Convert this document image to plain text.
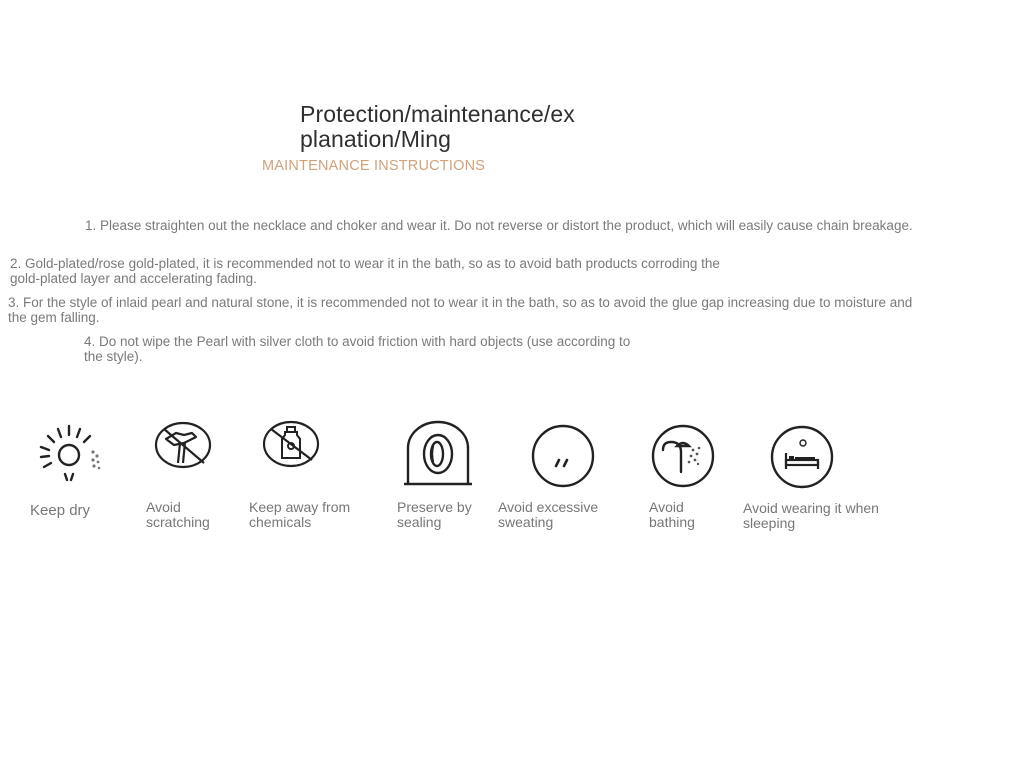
Protection/maintenance/ex planation/Ming
MAINTENANCE INSTRUCTIONS
1. Please straighten out the necklace and choker and wear it. Do not reverse or distort the product, which will easily cause chain breakage.
2. Gold-plated/rose gold-plated, it is recommended not to wear it in the bath, so as to avoid bath products corroding the gold-plated layer and accelerating fading.
3. For the style of inlaid pearl and natural stone, it is recommended not to wear it in the bath, so as to avoid the glue gap increasing due to moisture and the gem falling.
4. Do not wipe the Pearl with silver cloth to avoid friction with hard objects (use according to the style).
Keep dry	Avoid scratching
Keep away from chemicals
Preserve by sealing
Avoid excessive sweating
Avoid bathing
Avoid wearing it when sleeping
